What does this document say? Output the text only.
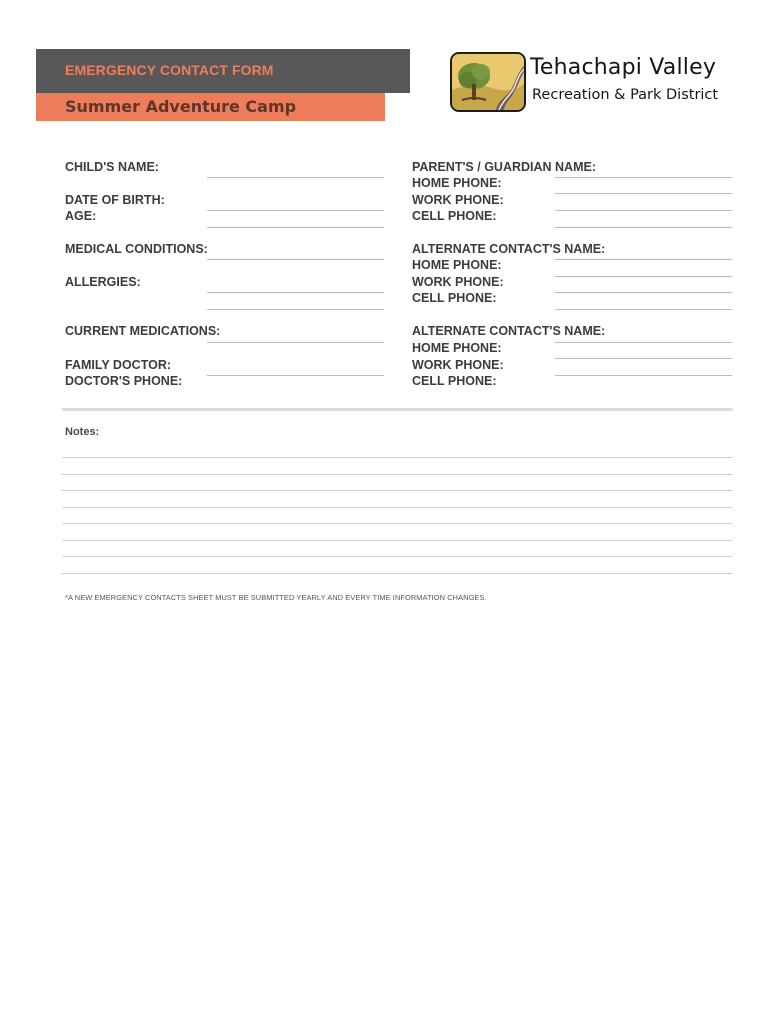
EMERGENCY CONTACT FORM
Summer Adventure Camp
Tehachapi Valley
Recreation & Park District
CHILD'S NAME:
DATE OF BIRTH:
AGE:
MEDICAL CONDITIONS:
ALLERGIES:
CURRENT MEDICATIONS:
FAMILY DOCTOR:
DOCTOR'S PHONE:
PARENT'S / GUARDIAN NAME:
HOME PHONE:
WORK PHONE:
CELL PHONE:
ALTERNATE CONTACT'S NAME:
HOME PHONE:
WORK PHONE:
CELL PHONE:
ALTERNATE CONTACT'S NAME:
HOME PHONE:
WORK PHONE:
CELL PHONE:
Notes:
*A NEW EMERGENCY CONTACTS SHEET MUST BE SUBMITTED YEARLY AND EVERY TIME INFORMATION CHANGES.
